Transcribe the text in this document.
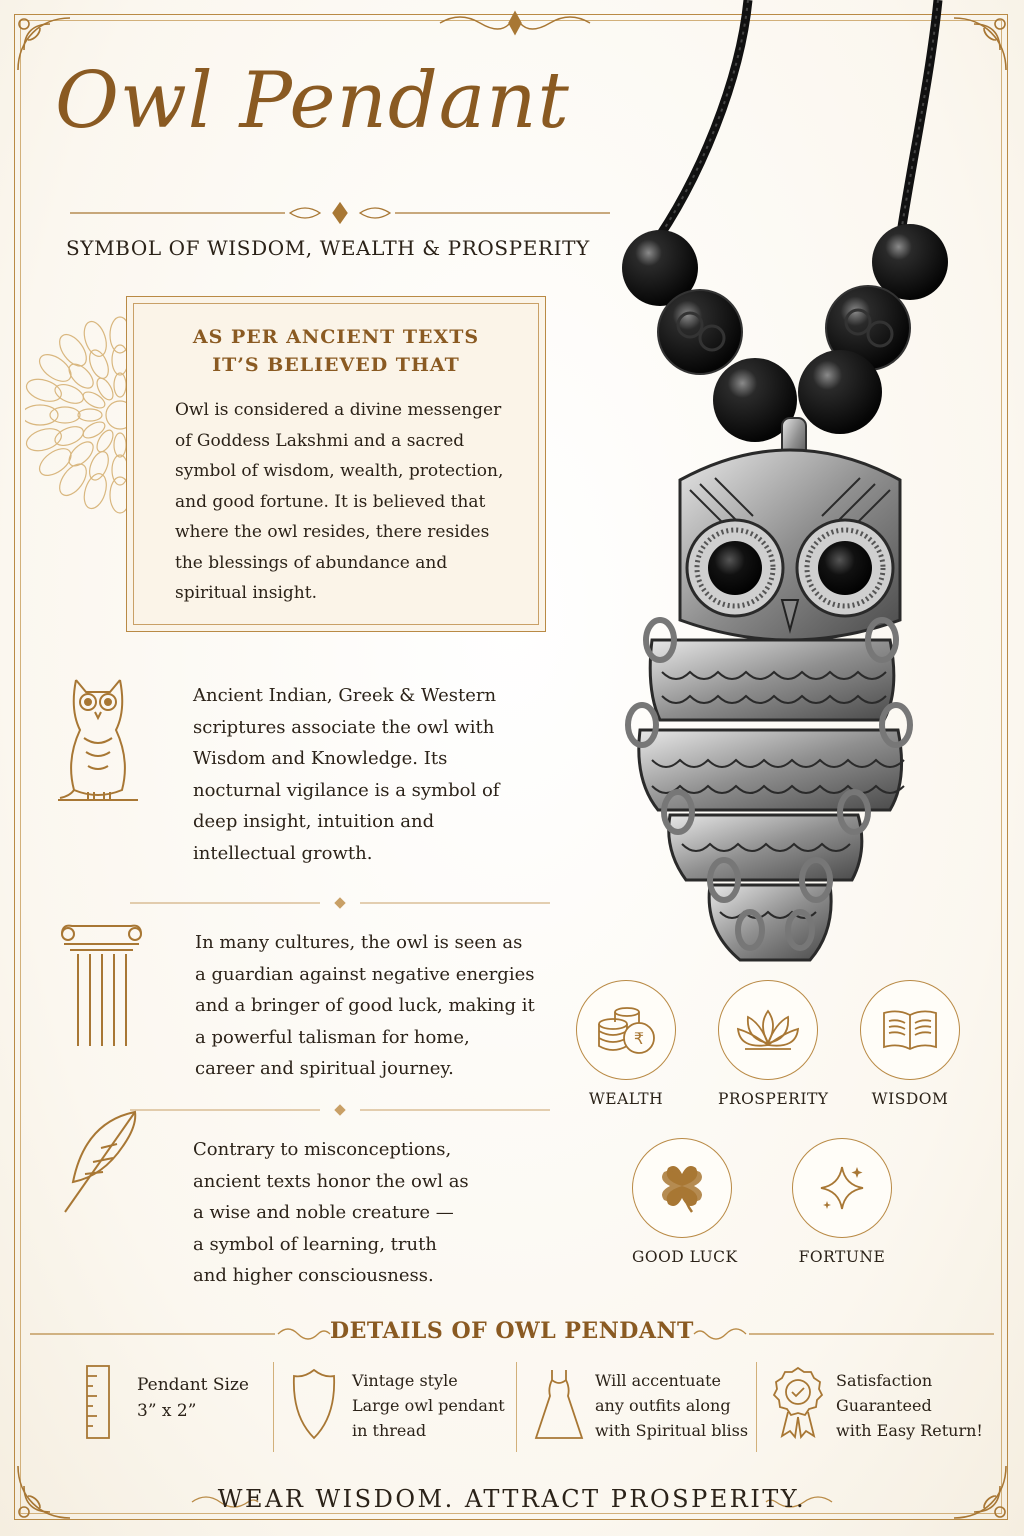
Owl Pendant
SYMBOL OF WISDOM, WEALTH & PROSPERITY
AS PER ANCIENT TEXTS
IT’S BELIEVED THAT
Owl is considered a divine messenger
of Goddess Lakshmi and a sacred
symbol of wisdom, wealth, protection,
and good fortune. It is believed that
where the owl resides, there resides
the blessings of abundance and
spiritual insight.
Ancient Indian, Greek & Western
scriptures associate the owl with
Wisdom and Knowledge. Its
nocturnal vigilance is a symbol of
deep insight, intuition and
intellectual growth.
In many cultures, the owl is seen as
a guardian against negative energies
and a bringer of good luck, making it
a powerful talisman for home,
career and spiritual journey.
Contrary to misconceptions,
ancient texts honor the owl as
a wise and noble creature —
a symbol of learning, truth
and higher consciousness.
₹
WEALTH	PROSPERITY	WISDOM
GOOD LUCK	FORTUNE
DETAILS OF OWL PENDANT
Pendant Size
3” x 2”
Vintage style
Large owl pendant
in thread
Will accentuate
any outfits along
with Spiritual bliss
Satisfaction
Guaranteed
with Easy Return!
WEAR WISDOM. ATTRACT PROSPERITY.
